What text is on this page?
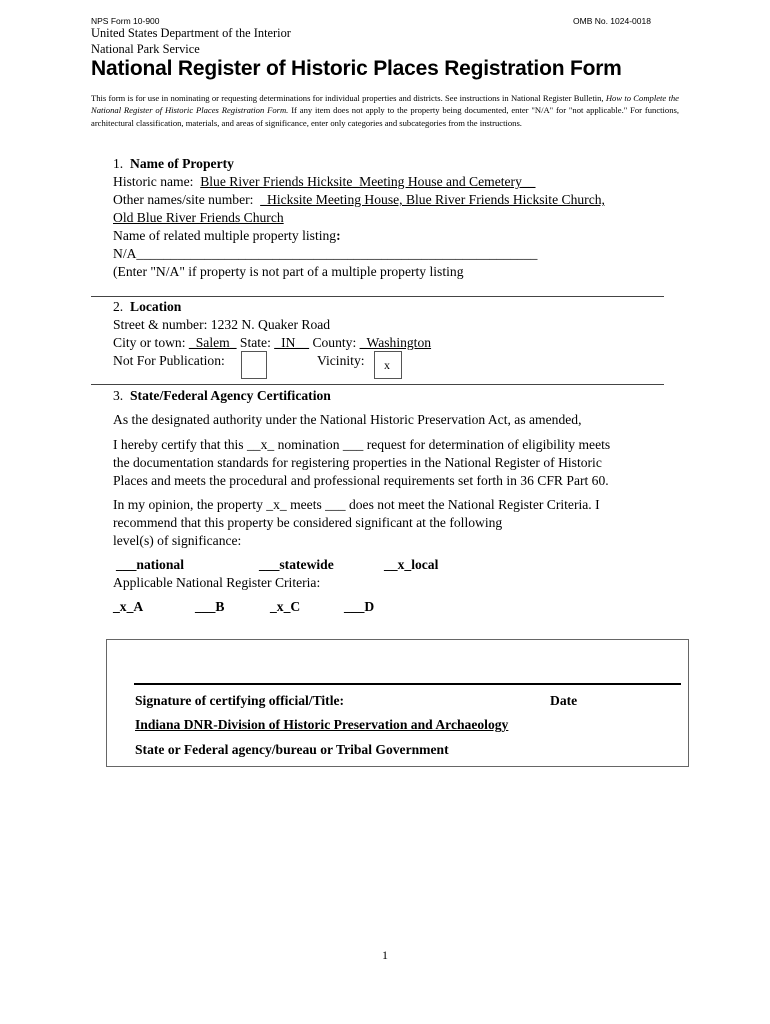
NPS Form 10-900	OMB No. 1024-0018
United States Department of the Interior
National Park Service
National Register of Historic Places Registration Form
This form is for use in nominating or requesting determinations for individual properties and districts. See instructions in National Register Bulletin, How to Complete the National Register of Historic Places Registration Form. If any item does not apply to the property being documented, enter "N/A" for "not applicable." For functions, architectural classification, materials, and areas of significance, enter only categories and subcategories from the instructions.
1. Name of Property
Historic name: Blue River Friends Hicksite_Meeting House and Cemetery__
Other names/site number: _Hicksite Meeting House, Blue River Friends Hicksite Church,
Old Blue River Friends Church
Name of related multiple property listing:
N/A___________________________________________________________
(Enter "N/A" if property is not part of a multiple property listing
2. Location
Street & number: 1232 N. Quaker Road
City or town: _Salem_ State: _IN__ County: _Washington
Not For Publication:	Vicinity: x
3. State/Federal Agency Certification
As the designated authority under the National Historic Preservation Act, as amended,
I hereby certify that this __x_ nomination ___ request for determination of eligibility meets
the documentation standards for registering properties in the National Register of Historic
Places and meets the procedural and professional requirements set forth in 36 CFR Part 60.
In my opinion, the property _x_ meets ___ does not meet the National Register Criteria. I
recommend that this property be considered significant at the following
level(s) of significance:
___national	___statewide	__x_local
Applicable National Register Criteria:
_x_A	___B	_x_C	___D
Signature of certifying official/Title:	Date
Indiana DNR-Division of Historic Preservation and Archaeology
State or Federal agency/bureau or Tribal Government
1
